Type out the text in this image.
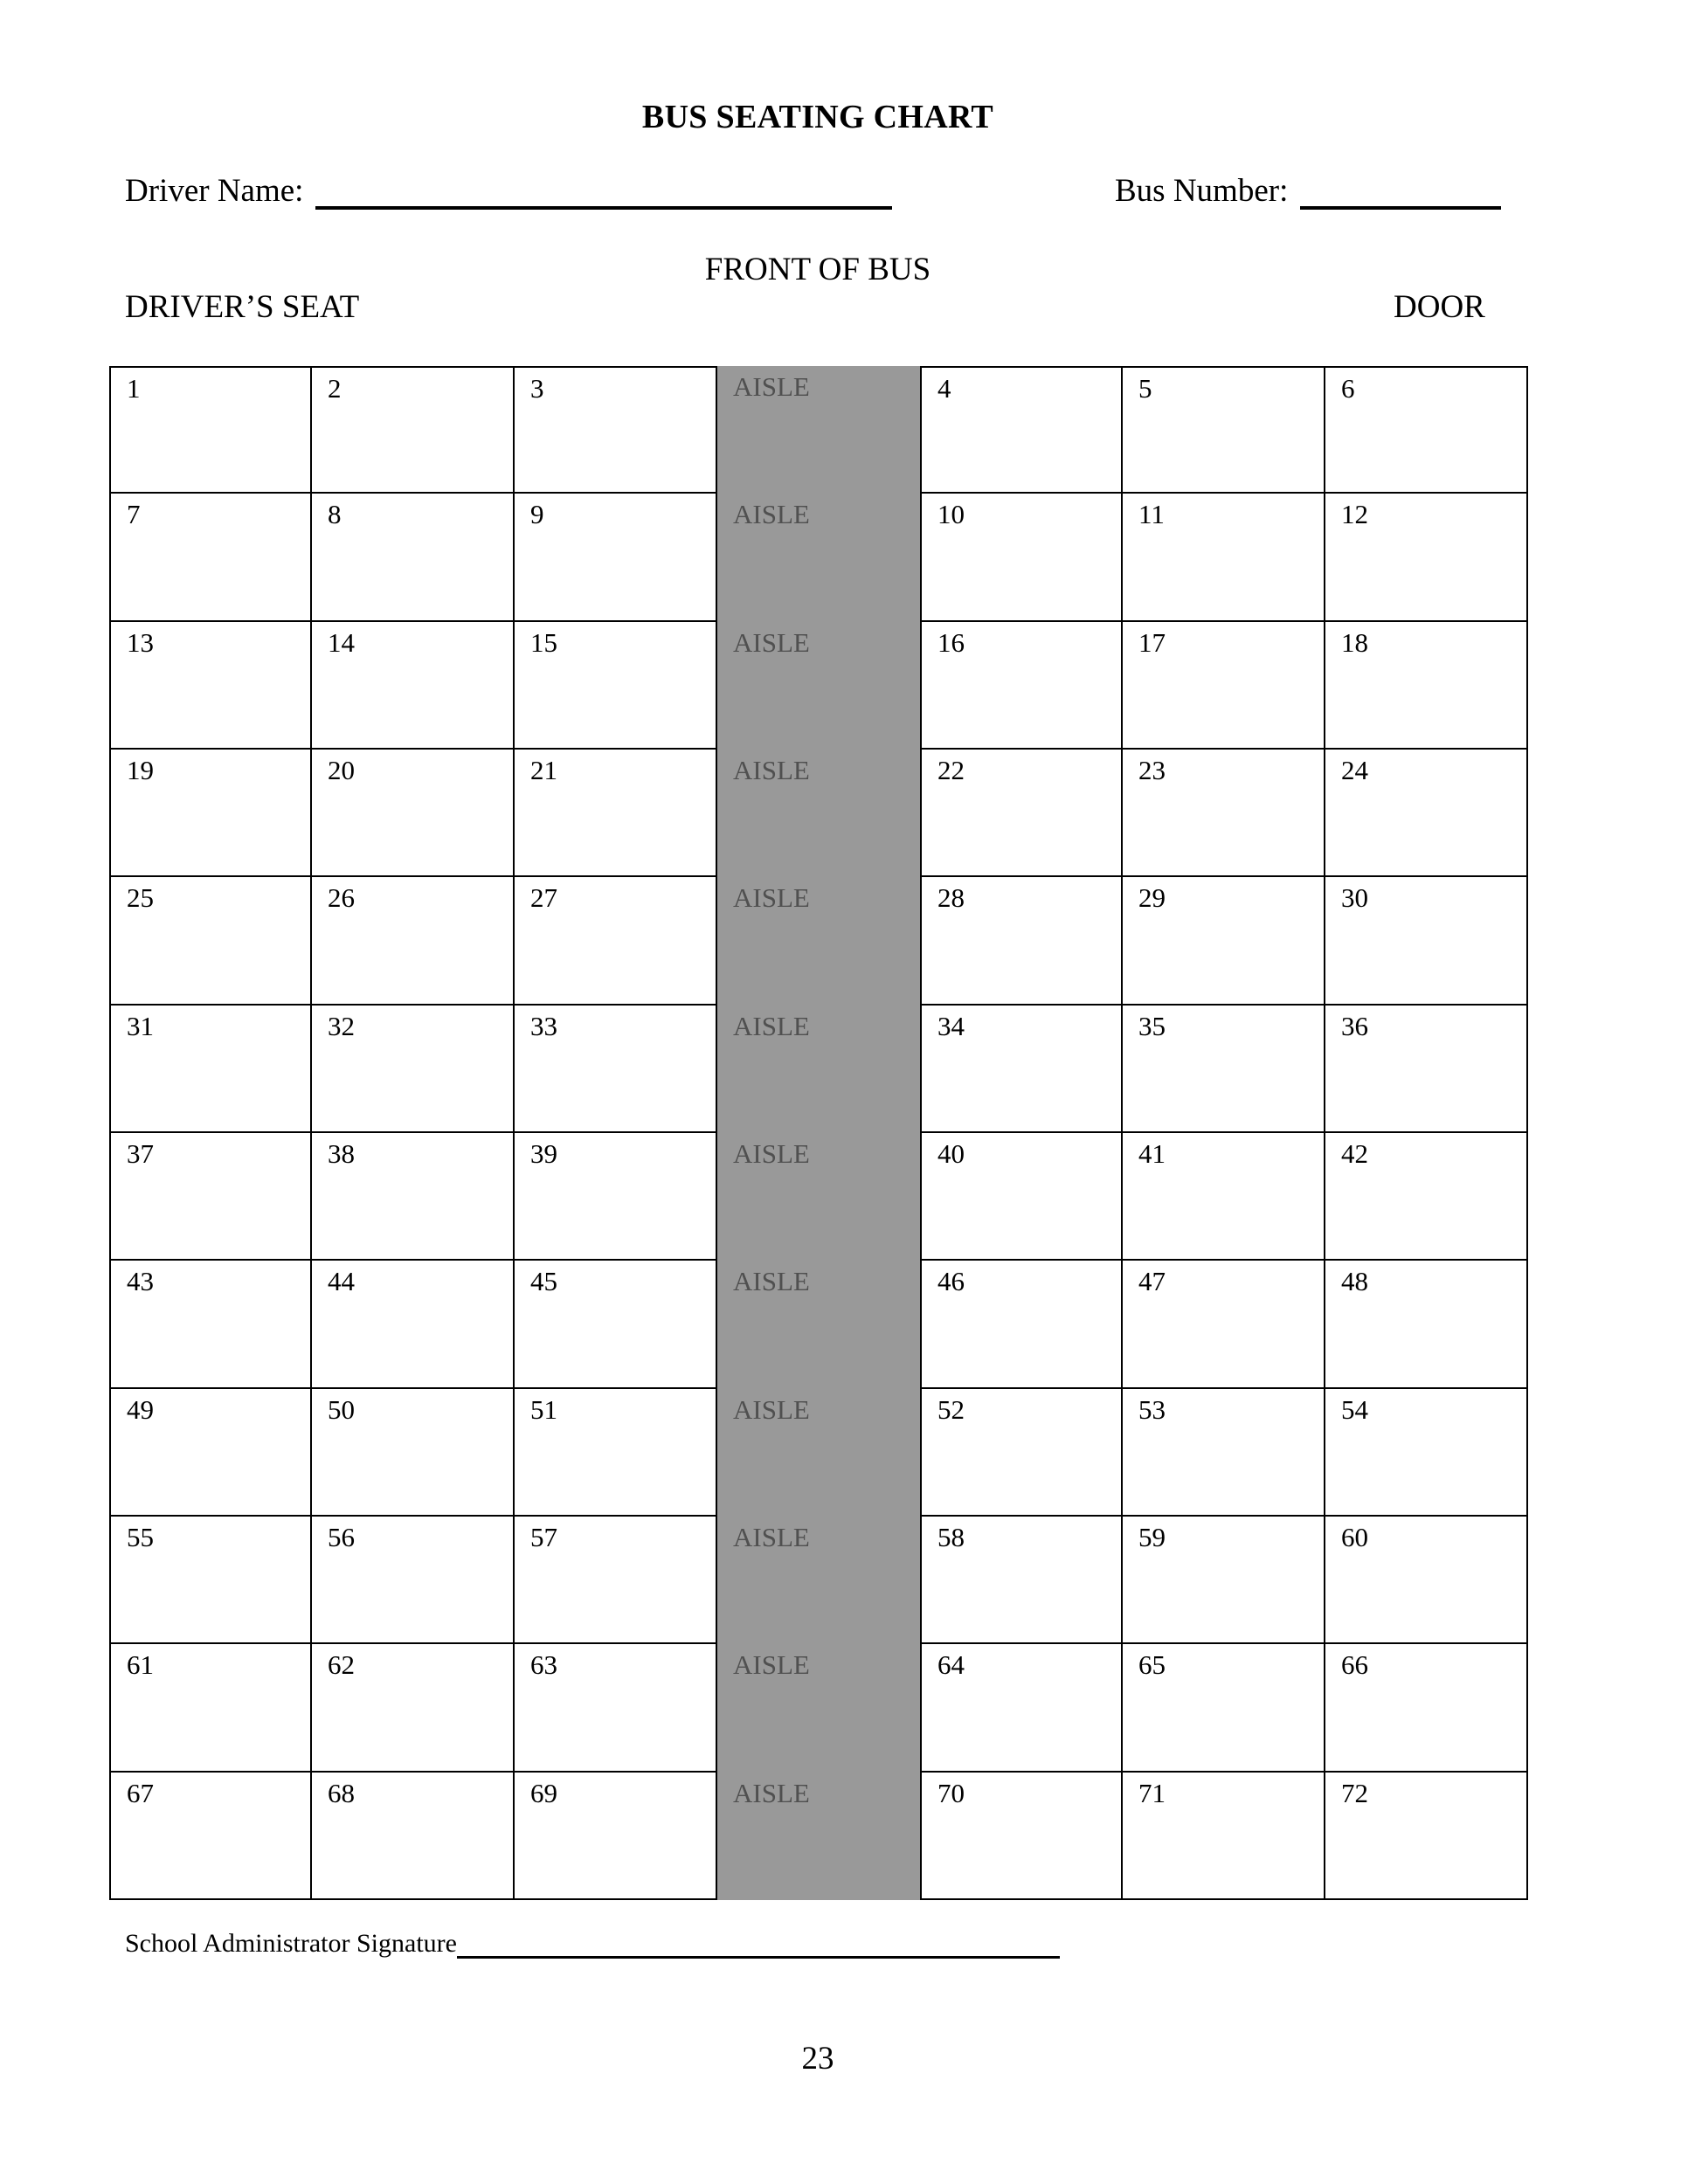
BUS SEATING CHART
Driver Name:	Bus Number:
FRONT OF BUS
DRIVER’S SEAT	DOOR
1	2	3	AISLE	4	5	6
7	8	9	AISLE	10	11	12
13	14	15	AISLE	16	17	18
19	20	21	AISLE	22	23	24
25	26	27	AISLE	28	29	30
31	32	33	AISLE	34	35	36
37	38	39	AISLE	40	41	42
43	44	45	AISLE	46	47	48
49	50	51	AISLE	52	53	54
55	56	57	AISLE	58	59	60
61	62	63	AISLE	64	65	66
67	68	69	AISLE	70	71	72
School Administrator Signature
23
